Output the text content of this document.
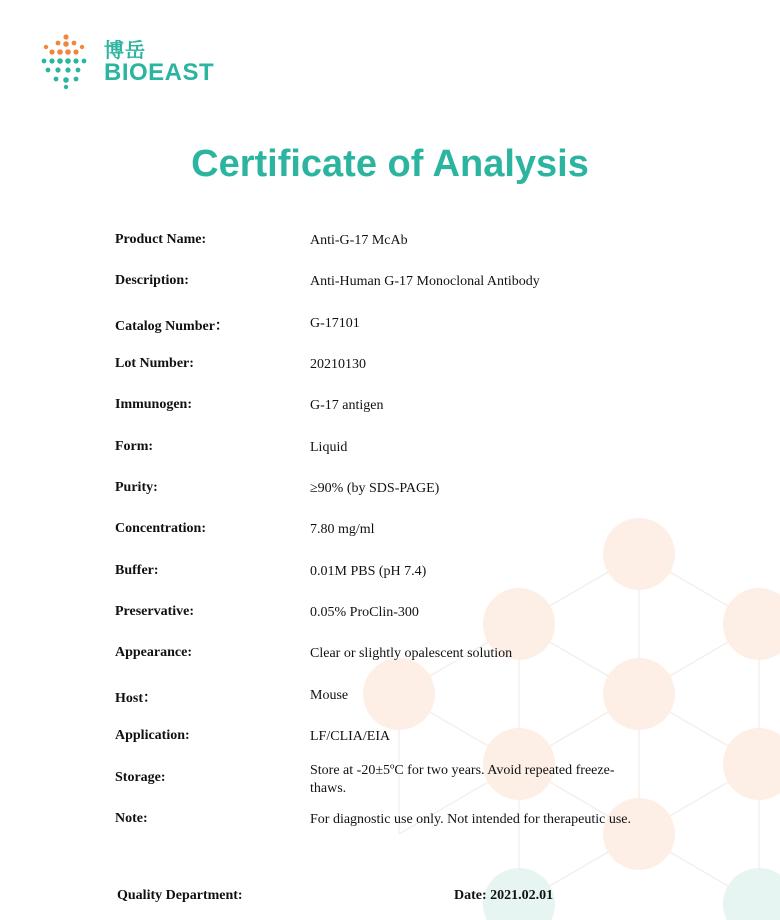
博岳
BIOEAST
Certificate of Analysis
Product Name:	Anti-G-17 McAb
Description:	Anti-Human G-17 Monoclonal Antibody
Catalog Number：	G-17101
Lot Number:	20210130
Immunogen:	G-17 antigen
Form:	Liquid
Purity:	≥90% (by SDS-PAGE)
Concentration:	7.80 mg/ml
Buffer:	0.01M PBS (pH 7.4)
Preservative:	0.05% ProClin-300
Appearance:	Clear or slightly opalescent solution
Host：	Mouse
Application:	LF/CLIA/EIA
Storage:	Store at -20±5ºC for two years. Avoid repeated freeze-thaws.
Note:	For diagnostic use only. Not intended for therapeutic use.
Quality Department:	Date: 2021.02.01
